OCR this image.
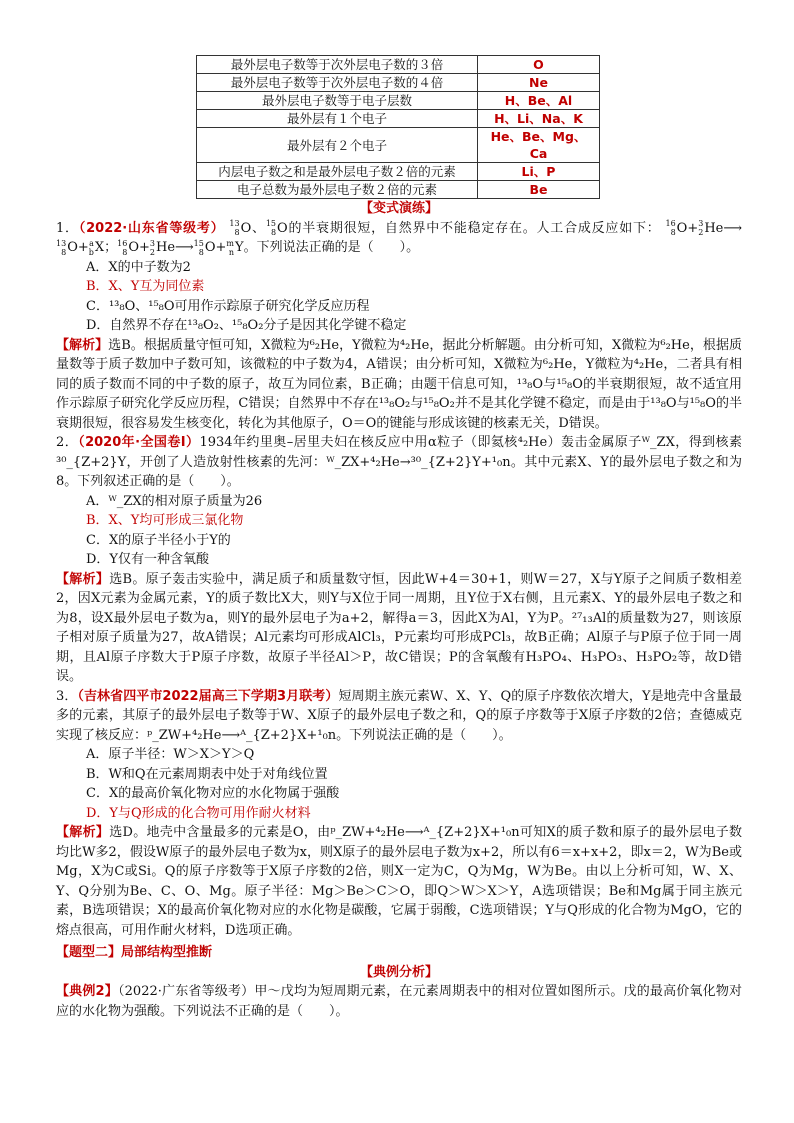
最外层电子数等于次外层电子数的３倍	O
最外层电子数等于次外层电子数的４倍	Ne
最外层电子数等于电子层数	H、Be、Al
最外层有１个电子	H、Li、Na、K
最外层有２个电子	He、Be、Mg、Ca
内层电子数之和是最外层电子数２倍的元素	Li、P
电子总数为最外层电子数２倍的元素	Be
【变式演练】

1．（2022·山东省等级考） 13
8 O、 15
8 O的半衰期很短，自然界中不能稳定存在。人工合成反应如下： 16
8 O+ 3
2 He⟶
13
8 O+ a
b X； 16
8 O+ 3
2 He⟶ 15
8 O+ m
n Y。下列说法正确的是（　　）。

A．X的中子数为2

B．X、Y互为同位素

C．¹³₈O、¹⁵₈O可用作示踪原子研究化学反应历程

D．自然界不存在¹³₈O₂、¹⁵₈O₂分子是因其化学键不稳定

【解析】选B。根据质量守恒可知，X微粒为⁶₂He，Y微粒为⁴₂He，据此分析解题。由分析可知，X微粒为⁶₂He，根据质量数等于质子数加中子数可知，该微粒的中子数为4，A错误；由分析可知，X微粒为⁶₂He，Y微粒为⁴₂He，二者具有相同的质子数而不同的中子数的原子，故互为同位素，B正确；由题干信息可知，¹³₈O与¹⁵₈O的半衰期很短，故不适宜用作示踪原子研究化学反应历程，C错误；自然界中不存在¹³₈O₂与¹⁵₈O₂并不是其化学键不稳定，而是由于¹³₈O与¹⁵₈O的半衰期很短，很容易发生核变化，转化为其他原子，O＝O的键能与形成该键的核素无关，D错误。

2．（2020年·全国卷Ⅰ）1934年约里奥–居里夫妇在核反应中用α粒子（即氦核⁴₂He）轰击金属原子ᵂ_ZX，得到核素³⁰_{Z+2}Y，开创了人造放射性核素的先河：ᵂ_ZX+⁴₂He→³⁰_{Z+2}Y+¹₀n。其中元素X、Y的最外层电子数之和为8。下列叙述正确的是（　　）。

A．ᵂ_ZX的相对原子质量为26

B．X、Y均可形成三氯化物

C．X的原子半径小于Y的

D．Y仅有一种含氧酸

【解析】选B。原子轰击实验中，满足质子和质量数守恒，因此W+4＝30+1，则W＝27，X与Y原子之间质子数相差2，因X元素为金属元素，Y的质子数比X大，则Y与X位于同一周期，且Y位于X右侧，且元素X、Y的最外层电子数之和为8，设X最外层电子数为a，则Y的最外层电子为a+2，解得a＝3，因此X为Al，Y为P。²⁷₁₃Al的质量数为27，则该原子相对原子质量为27，故A错误；Al元素均可形成AlCl₃，P元素均可形成PCl₃，故B正确；Al原子与P原子位于同一周期，且Al原子序数大于P原子序数，故原子半径Al＞P，故C错误；P的含氧酸有H₃PO₄、H₃PO₃、H₃PO₂等，故D错误。

3．（吉林省四平市2022届高三下学期3月联考）短周期主族元素W、X、Y、Q的原子序数依次增大，Y是地壳中含量最多的元素，其原子的最外层电子数等于W、X原子的最外层电子数之和，Q的原子序数等于X原子序数的2倍；查德威克实现了核反应：ᵖ_ZW+⁴₂He⟶ᴬ_{Z+2}X+¹₀n。下列说法正确的是（　　）。

A．原子半径：W＞X＞Y＞Q

B．W和Q在元素周期表中处于对角线位置

C．X的最高价氧化物对应的水化物属于强酸

D．Y与Q形成的化合物可用作耐火材料

【解析】选D。地壳中含量最多的元素是O，由ᵖ_ZW+⁴₂He⟶ᴬ_{Z+2}X+¹₀n可知X的质子数和原子的最外层电子数均比W多2，假设W原子的最外层电子数为x，则X原子的最外层电子数为x+2，所以有6＝x+x+2，即x＝2，W为Be或Mg，X为C或Si。Q的原子序数等于X原子序数的2倍，则X一定为C，Q为Mg，W为Be。由以上分析可知，W、X、Y、Q分别为Be、C、O、Mg。原子半径：Mg＞Be＞C＞O，即Q＞W＞X＞Y，A选项错误；Be和Mg属于同主族元素，B选项错误；X的最高价氧化物对应的水化物是碳酸，它属于弱酸，C选项错误；Y与Q形成的化合物为MgO，它的熔点很高，可用作耐火材料，D选项正确。

【题型二】局部结构型推断
【典例分析】

【典例2】（2022·广东省等级考）甲～戊均为短周期元素，在元素周期表中的相对位置如图所示。戊的最高价氧化物对应的水化物为强酸。下列说法不正确的是（　　）。
